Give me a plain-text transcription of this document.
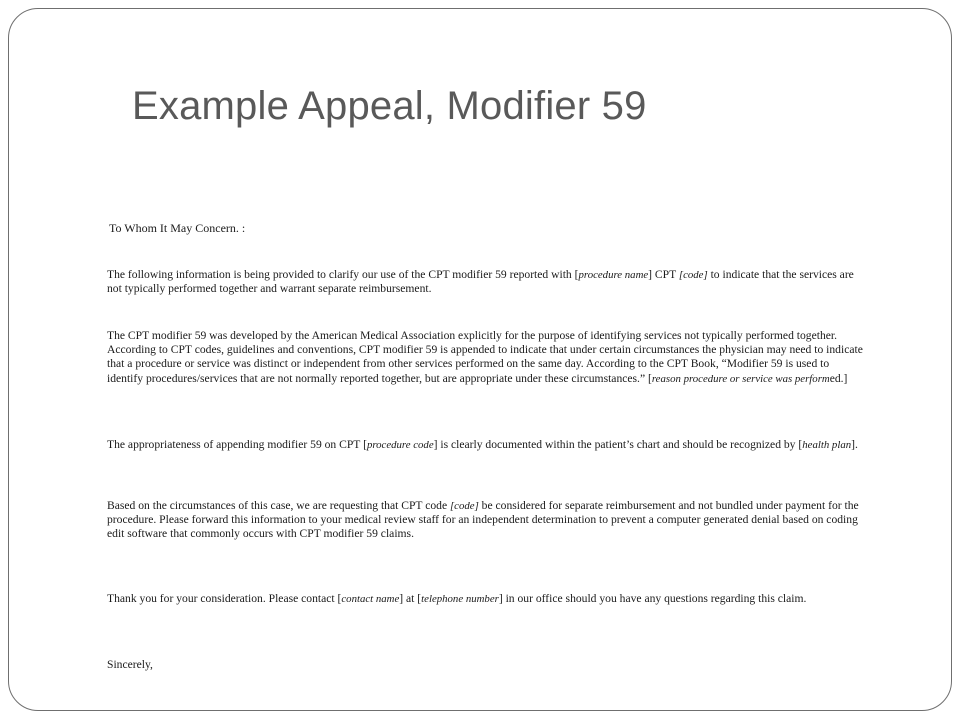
Example Appeal, Modifier 59

To Whom It May Concern. :

The following information is being provided to clarify our use of the CPT modifier 59 reported with [procedure name] CPT [code] to indicate that the services are not typically performed together and warrant separate reimbursement.

The CPT modifier 59 was developed by the American Medical Association explicitly for the purpose of identifying services not typically performed together. According to CPT codes, guidelines and conventions, CPT modifier 59 is appended to indicate that under certain circumstances the physician may need to indicate that a procedure or service was distinct or independent from other services performed on the same day. According to the CPT Book, “Modifier 59 is used to identify procedures/services that are not normally reported together, but are appropriate under these circumstances.” [reason procedure or service was performed.]

The appropriateness of appending modifier 59 on CPT [procedure code] is clearly documented within the patient’s chart and should be recognized by [health plan].

Based on the circumstances of this case, we are requesting that CPT code [code] be considered for separate reimbursement and not bundled under payment for the procedure. Please forward this information to your medical review staff for an independent determination to prevent a computer generated denial based on coding edit software that commonly occurs with CPT modifier 59 claims.

Thank you for your consideration. Please contact [contact name] at [telephone number] in our office should you have any questions regarding this claim.

Sincerely,
